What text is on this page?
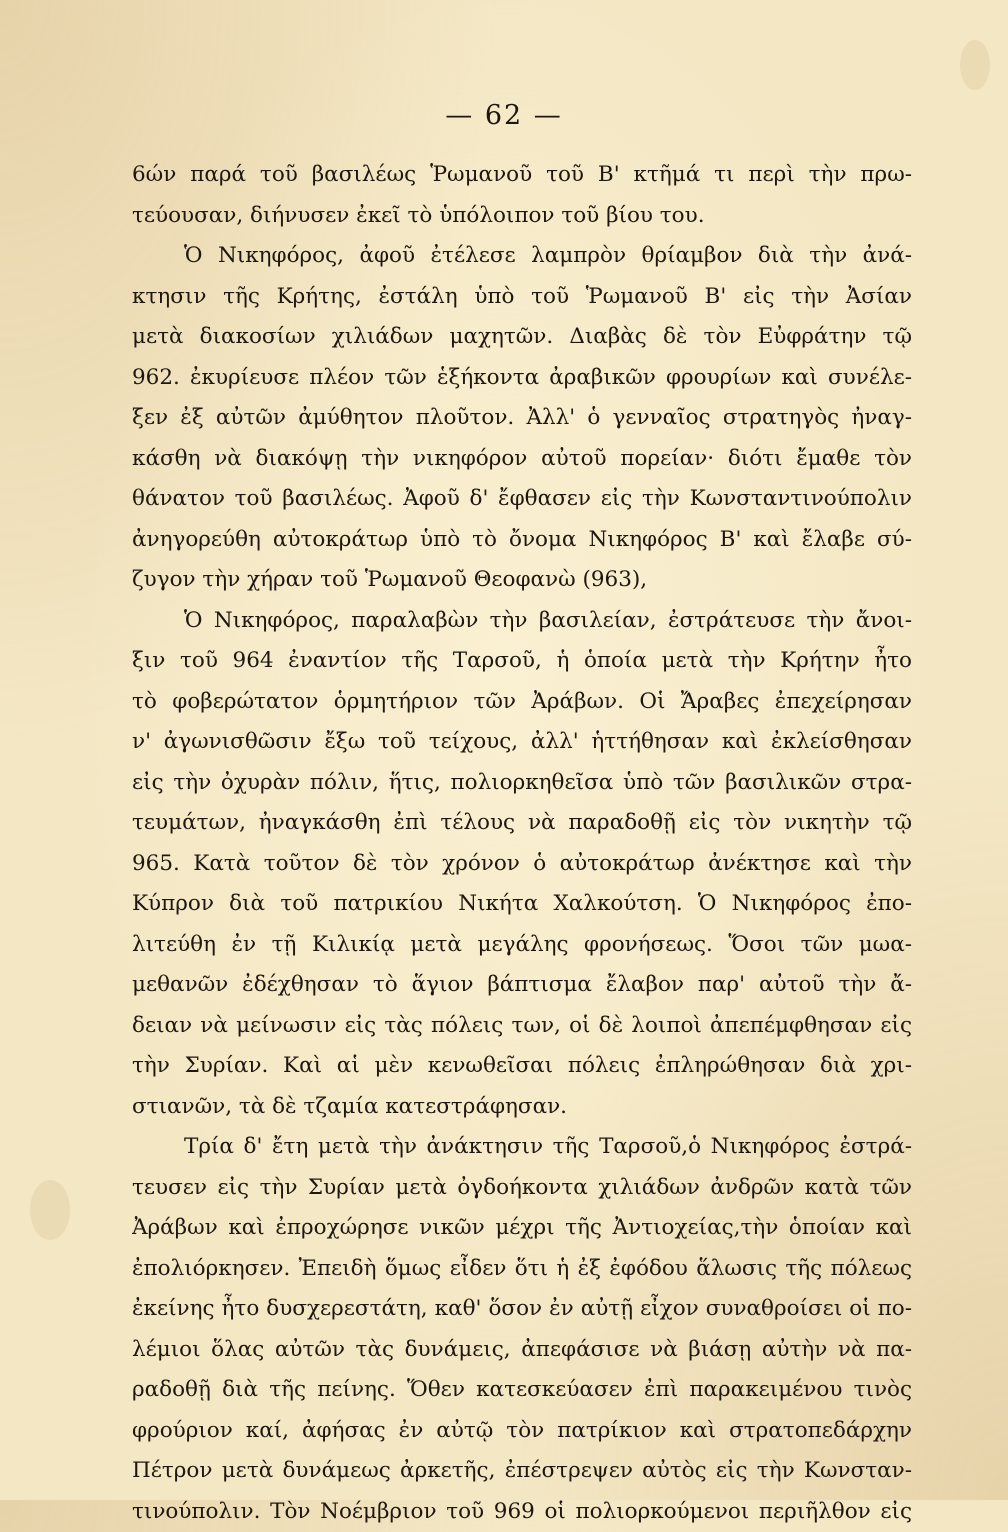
— 62 —
6ών παρά τοῦ βασιλέως Ῥωμανοῦ τοῦ Β' κτῆμά τι περὶ τὴν πρω-
τεύουσαν, διήνυσεν ἐκεῖ τὸ ὑπόλοιπον τοῦ βίου του.
Ὁ Νικηφόρος, ἀφοῦ ἐτέλεσε λαμπρὸν θρίαμβον διὰ τὴν ἀνά-
κτησιν τῆς Κρήτης, ἐστάλη ὑπὸ τοῦ Ῥωμανοῦ Β' εἰς τὴν Ἀσίαν
μετὰ διακοσίων χιλιάδων μαχητῶν. Διαβὰς δὲ τὸν Εὐφράτην τῷ
962. ἐκυρίευσε πλέον τῶν ἑξήκοντα ἀραβικῶν φρουρίων καὶ συνέλε-
ξεν ἐξ αὐτῶν ἀμύθητον πλοῦτον. Ἀλλ' ὁ γενναῖος στρατηγὸς ἠναγ-
κάσθη νὰ διακόψῃ τὴν νικηφόρον αὐτοῦ πορείαν· διότι ἔμαθε τὸν
θάνατον τοῦ βασιλέως. Ἀφοῦ δ' ἔφθασεν εἰς τὴν Κωνσταντινούπολιν
ἀνηγορεύθη αὐτοκράτωρ ὑπὸ τὸ ὄνομα Νικηφόρος Β' καὶ ἔλαβε σύ-
ζυγον τὴν χήραν τοῦ Ῥωμανοῦ Θεοφανὼ (963),
Ὁ Νικηφόρος, παραλαβὼν τὴν βασιλείαν, ἐστράτευσε τὴν ἄνοι-
ξιν τοῦ 964 ἐναντίον τῆς Ταρσοῦ, ἡ ὁποία μετὰ τὴν Κρήτην ἦτο
τὸ φοβερώτατον ὁρμητήριον τῶν Ἀράβων. Οἱ Ἄραβες ἐπεχείρησαν
ν' ἀγωνισθῶσιν ἔξω τοῦ τείχους, ἀλλ' ἡττήθησαν καὶ ἐκλείσθησαν
εἰς τὴν ὀχυρὰν πόλιν, ἥτις, πολιορκηθεῖσα ὑπὸ τῶν βασιλικῶν στρα-
τευμάτων, ἠναγκάσθη ἐπὶ τέλους νὰ παραδοθῇ εἰς τὸν νικητὴν τῷ
965. Κατὰ τοῦτον δὲ τὸν χρόνον ὁ αὐτοκράτωρ ἀνέκτησε καὶ τὴν
Κύπρον διὰ τοῦ πατρικίου Νικήτα Χαλκούτση. Ὁ Νικηφόρος ἐπο-
λιτεύθη ἐν τῇ Κιλικίᾳ μετὰ μεγάλης φρονήσεως. Ὅσοι τῶν μωα-
μεθανῶν ἐδέχθησαν τὸ ἅγιον βάπτισμα ἔλαβον παρ' αὐτοῦ τὴν ἄ-
δειαν νὰ μείνωσιν εἰς τὰς πόλεις των, οἱ δὲ λοιποὶ ἀπεπέμφθησαν εἰς
τὴν Συρίαν. Καὶ αἱ μὲν κενωθεῖσαι πόλεις ἐπληρώθησαν διὰ χρι-
στιανῶν, τὰ δὲ τζαμία κατεστράφησαν.
Τρία δ' ἔτη μετὰ τὴν ἀνάκτησιν τῆς Ταρσοῦ,ὁ Νικηφόρος ἐστρά-
τευσεν εἰς τὴν Συρίαν μετὰ ὀγδοήκοντα χιλιάδων ἀνδρῶν κατὰ τῶν
Ἀράβων καὶ ἐπροχώρησε νικῶν μέχρι τῆς Ἀντιοχείας,τὴν ὁποίαν καὶ
ἐπολιόρκησεν. Ἐπειδὴ ὅμως εἶδεν ὅτι ἡ ἐξ ἐφόδου ἅλωσις τῆς πόλεως
ἐκείνης ἦτο δυσχερεστάτη, καθ' ὅσον ἐν αὐτῇ εἶχον συναθροίσει οἱ πο-
λέμιοι ὅλας αὐτῶν τὰς δυνάμεις, ἀπεφάσισε νὰ βιάσῃ αὐτὴν νὰ πα-
ραδοθῇ διὰ τῆς πείνης. Ὅθεν κατεσκεύασεν ἐπὶ παρακειμένου τινὸς
φρούριον καί, ἀφήσας ἐν αὐτῷ τὸν πατρίκιον καὶ στρατοπεδάρχην
Πέτρον μετὰ δυνάμεως ἀρκετῆς, ἐπέστρεψεν αὐτὸς εἰς τὴν Κωνσταν-
τινούπολιν. Τὸν Νοέμβριον τοῦ 969 οἱ πολιορκούμενοι περιῆλθον εἰς
